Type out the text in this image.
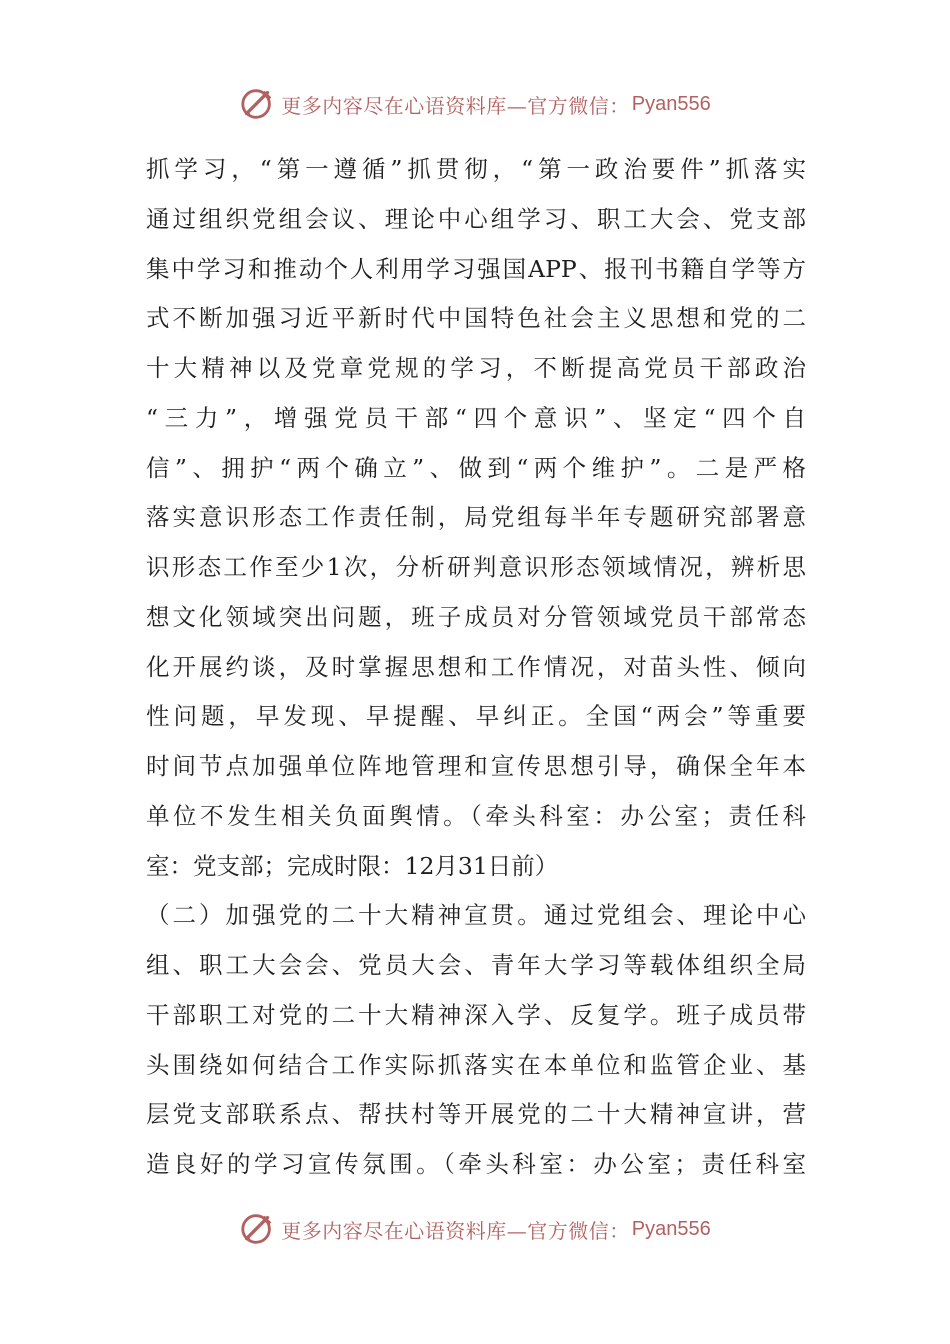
更多内容尽在心语资料库—官方微信： Pyan556
抓学习，“第一遵循”抓贯彻，“第一政治要件”抓落实
通过组织党组会议、理论中心组学习、职工大会、党支部
集中学习和推动个人利用学习强国APP、报刊书籍自学等方
式不断加强习近平新时代中国特色社会主义思想和党的二
十大精神以及党章党规的学习，不断提高党员干部政治
“三力”，增强党员干部“四个意识”、坚定“四个自
信”、拥护“两个确立”、做到“两个维护”。二是严格
落实意识形态工作责任制，局党组每半年专题研究部署意
识形态工作至少1次，分析研判意识形态领域情况，辨析思
想文化领域突出问题，班子成员对分管领域党员干部常态
化开展约谈，及时掌握思想和工作情况，对苗头性、倾向
性问题，早发现、早提醒、早纠正。全国“两会”等重要
时间节点加强单位阵地管理和宣传思想引导，确保全年本
单位不发生相关负面舆情。（牵头科室：办公室；责任科
室：党支部；完成时限：12月31日前）
（二）加强党的二十大精神宣贯。通过党组会、理论中心
组、职工大会会、党员大会、青年大学习等载体组织全局
干部职工对党的二十大精神深入学、反复学。班子成员带
头围绕如何结合工作实际抓落实在本单位和监管企业、基
层党支部联系点、帮扶村等开展党的二十大精神宣讲，营
造良好的学习宣传氛围。（牵头科室：办公室；责任科室
更多内容尽在心语资料库—官方微信： Pyan556
